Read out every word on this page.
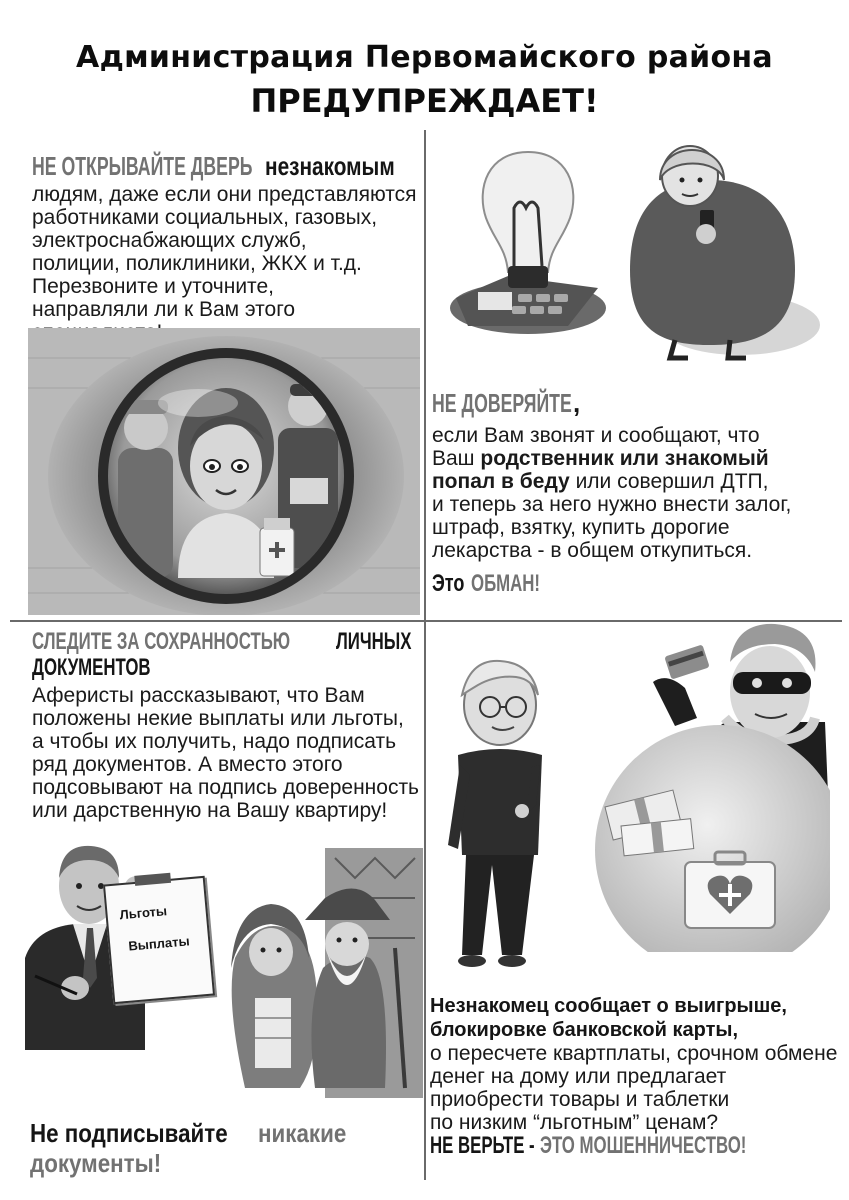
Администрация Первомайского района
ПРЕДУПРЕЖДАЕТ!
НЕ ОТКРЫВАЙТЕ ДВЕРЬ незнакомым
людям, даже если они представляются
работниками социальных, газовых,
электроснабжающих служб,
полиции, поликлиники, ЖКХ и т.д.
Перезвоните и уточните,
направляли ли к Вам этого
НЕ ДОВЕРЯЙТЕ ,
если Вам звонят и сообщают, что
Ваш родственник или знакомый
попал в беду или совершил ДТП,
и теперь за него нужно внести залог,
штраф, взятку, купить дорогие
лекарства - в общем откупиться.
Это ОБМАН!
СЛЕДИТЕ ЗА СОХРАННОСТЬЮ	ЛИЧНЫХ
ДОКУМЕНТОВ
Аферисты рассказывают, что Вам
положены некие выплаты или льготы,
а чтобы их получить, надо подписать
ряд документов. А вместо этого
подсовывают на подпись доверенность
или дарственную на Вашу квартиру!
Льготы
Выплаты
Не подписывайте	никакие
документы!
Незнакомец сообщает о выигрыше,
блокировке банковской карты,
о пересчете квартплаты, срочном обмене
денег на дому или предлагает
приобрести товары и таблетки
по низким “льготным” ценам?
НЕ ВЕРЬТЕ - ЭТО МОШЕННИЧЕСТВО!
